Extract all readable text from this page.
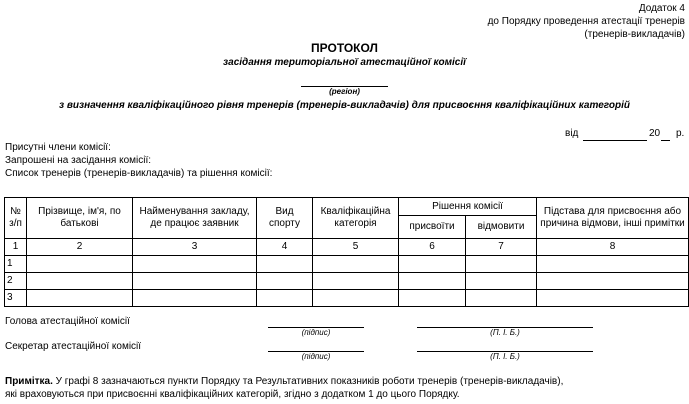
Додаток 4
до Порядку проведення атестації тренерів
(тренерів-викладачів)
ПРОТОКОЛ
засідання територіальної атестаційної комісії
(регіон)
з визначення кваліфікаційного рівня тренерів (тренерів-викладачів) для присвоєння кваліфікаційних категорій
від	20 р.
Присутні члени комісії:
Запрошені на засідання комісії:
Список тренерів (тренерів-викладачів) та рішення комісії:
№ з/п	Прізвище, ім'я, по батькові	Найменування закладу, де працює заявник	Вид спорту	Кваліфікаційна категорія	Рішення комісії		Підстава для присвоєння або причина відмови, інші примітки
					присвоїти	відмовити	
1	2	3	4	5	6	7	8
1							
2							
3							
Голова атестаційної комісії
(підпис)	(П. І. Б.)
Секретар атестаційної комісії
(підпис)	(П. І. Б.)
Примітка. У графі 8 зазначаються пункти Порядку та Результативних показників роботи тренерів (тренерів-викладачів),
які враховуються при присвоєнні кваліфікаційних категорій, згідно з додатком 1 до цього Порядку.
